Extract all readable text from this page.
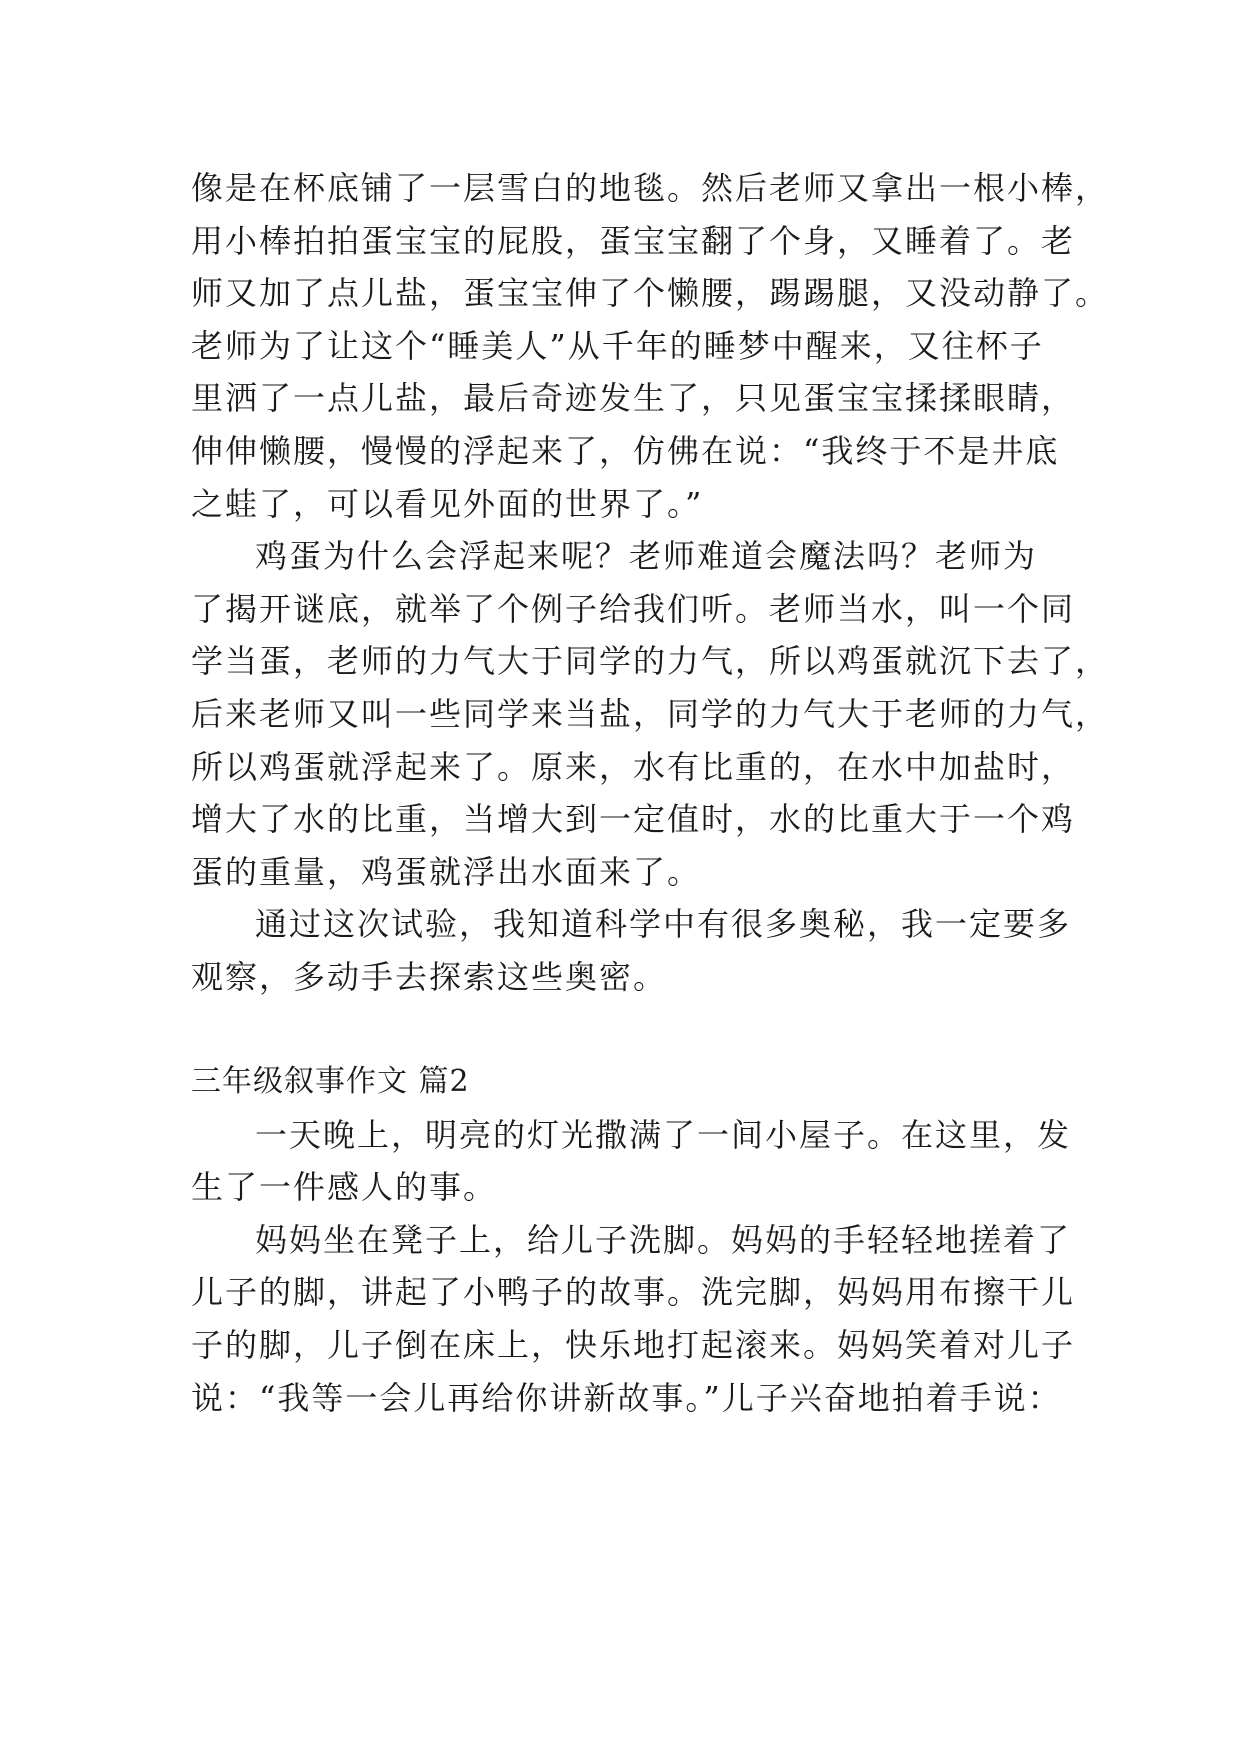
像是在杯底铺了一层雪白的地毯。然后老师又拿出一根小棒，
用小棒拍拍蛋宝宝的屁股，蛋宝宝翻了个身，又睡着了。老
师又加了点儿盐，蛋宝宝伸了个懒腰，踢踢腿，又没动静了。
老师为了让这个“睡美人”从千年的睡梦中醒来，又往杯子
里洒了一点儿盐，最后奇迹发生了，只见蛋宝宝揉揉眼睛，
伸伸懒腰，慢慢的浮起来了，仿佛在说：“我终于不是井底
之蛙了，可以看见外面的世界了。”
鸡蛋为什么会浮起来呢？老师难道会魔法吗？老师为
了揭开谜底，就举了个例子给我们听。老师当水，叫一个同
学当蛋，老师的力气大于同学的力气，所以鸡蛋就沉下去了，
后来老师又叫一些同学来当盐，同学的力气大于老师的力气，
所以鸡蛋就浮起来了。原来，水有比重的，在水中加盐时，
增大了水的比重，当增大到一定值时，水的比重大于一个鸡
蛋的重量，鸡蛋就浮出水面来了。
通过这次试验，我知道科学中有很多奥秘，我一定要多
观察，多动手去探索这些奥密。
三年级叙事作文 篇2
一天晚上，明亮的灯光撒满了一间小屋子。在这里，发
生了一件感人的事。
妈妈坐在凳子上，给儿子洗脚。妈妈的手轻轻地搓着了
儿子的脚，讲起了小鸭子的故事。洗完脚，妈妈用布擦干儿
子的脚，儿子倒在床上，快乐地打起滚来。妈妈笑着对儿子
说：“我等一会儿再给你讲新故事。”儿子兴奋地拍着手说：
